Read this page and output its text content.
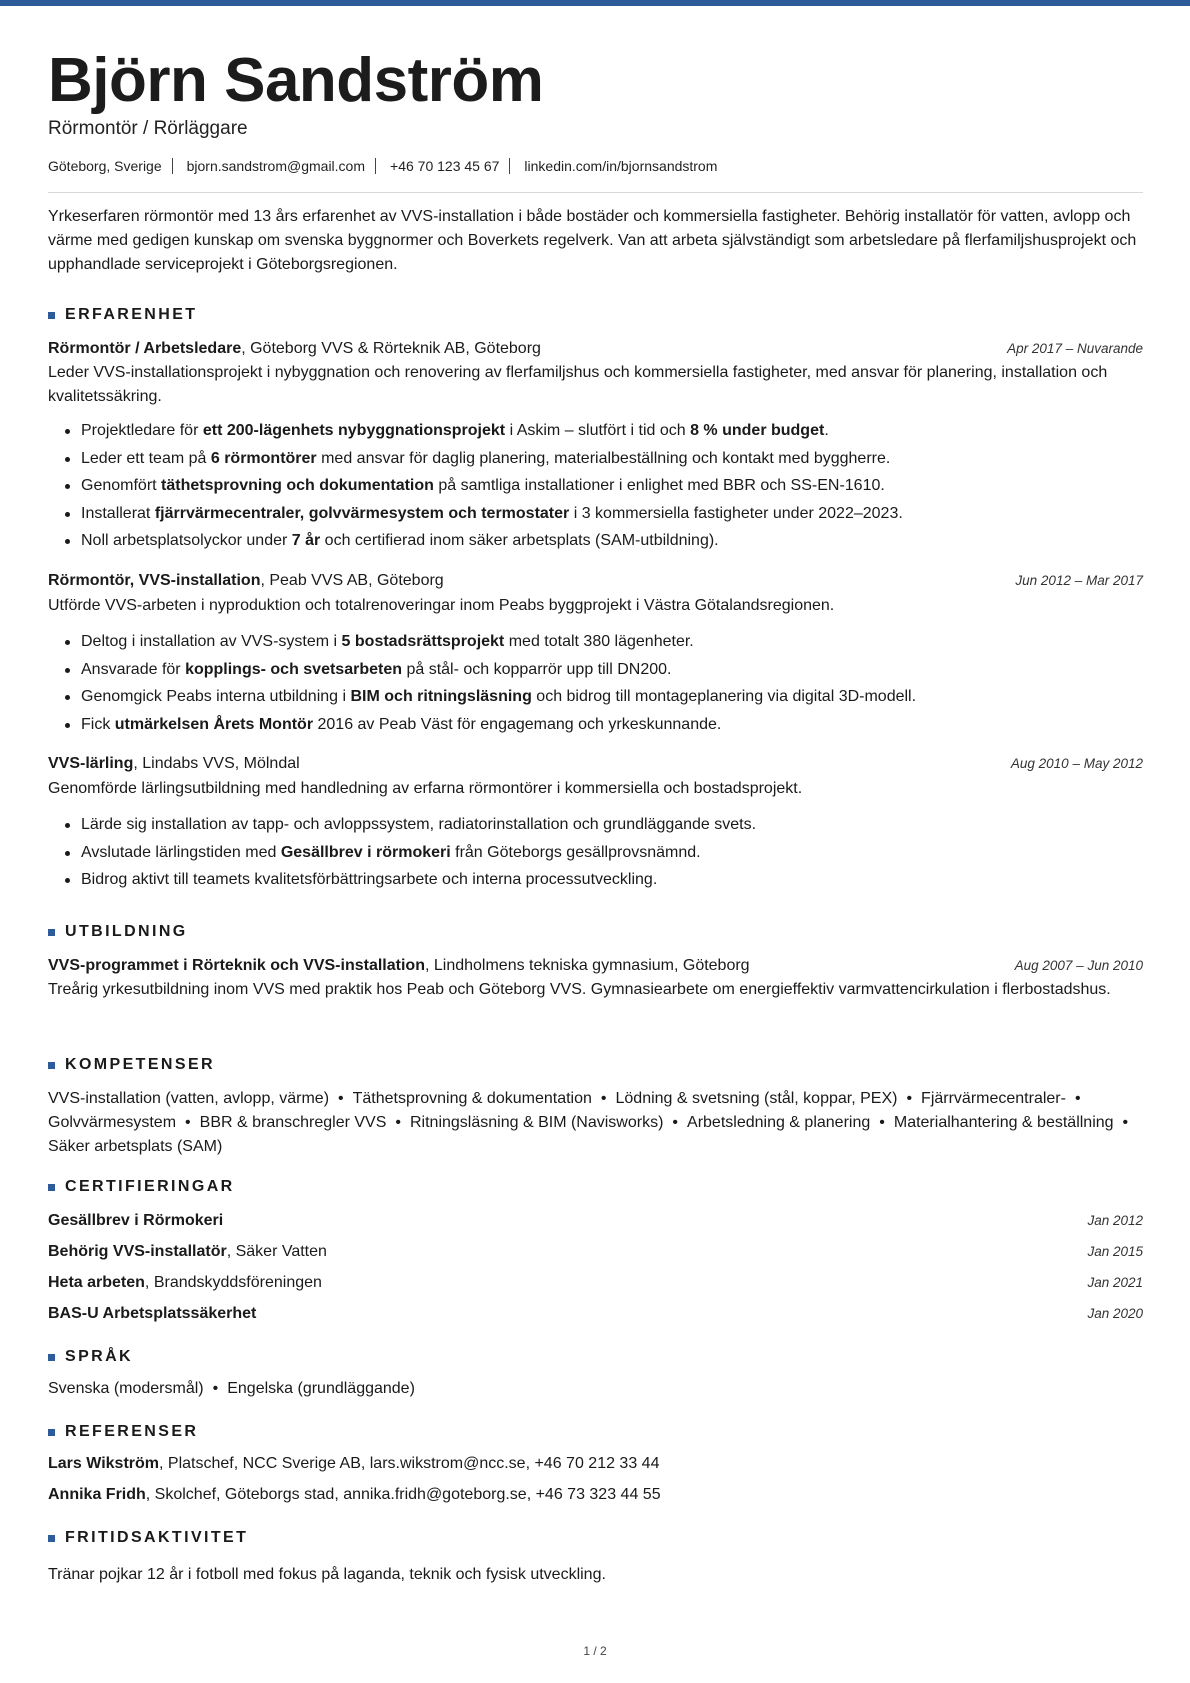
Björn Sandström
Rörmontör / Rörläggare
Göteborg, Sverige bjorn.sandstrom@gmail.com +46 70 123 45 67 linkedin.com/in/bjornsandstrom
Yrkeserfaren rörmontör med 13 års erfarenhet av VVS-installation i både bostäder och kommersiella fastigheter. Behörig installatör för vatten, avlopp och värme med gedigen kunskap om svenska byggnormer och Boverkets regelverk. Van att arbeta självständigt som arbetsledare på flerfamiljshusprojekt och upphandlade serviceprojekt i Göteborgsregionen.
ERFARENHET
Rörmontör / Arbetsledare, Göteborg VVS & Rörteknik AB, Göteborg	Apr 2017 – Nuvarande
Leder VVS-installationsprojekt i nybyggnation och renovering av flerfamiljshus och kommersiella fastigheter, med ansvar för planering, installation och kvalitetssäkring.
Projektledare för ett 200-lägenhets nybyggnationsprojekt i Askim – slutfört i tid och 8 % under budget.
Leder ett team på 6 rörmontörer med ansvar för daglig planering, materialbeställning och kontakt med byggherre.
Genomfört täthetsprovning och dokumentation på samtliga installationer i enlighet med BBR och SS-EN-1610.
Installerat fjärrvärmecentraler, golvvärmesystem och termostater i 3 kommersiella fastigheter under 2022–2023.
Noll arbetsplatsolyckor under 7 år och certifierad inom säker arbetsplats (SAM-utbildning).
Rörmontör, VVS-installation, Peab VVS AB, Göteborg	Jun 2012 – Mar 2017
Utförde VVS-arbeten i nyproduktion och totalrenoveringar inom Peabs byggprojekt i Västra Götalandsregionen.
Deltog i installation av VVS-system i 5 bostadsrättsprojekt med totalt 380 lägenheter.
Ansvarade för kopplings- och svetsarbeten på stål- och kopparrör upp till DN200.
Genomgick Peabs interna utbildning i BIM och ritningsläsning och bidrog till montageplanering via digital 3D-modell.
Fick utmärkelsen Årets Montör 2016 av Peab Väst för engagemang och yrkeskunnande.
VVS-lärling, Lindabs VVS, Mölndal	Aug 2010 – May 2012
Genomförde lärlingsutbildning med handledning av erfarna rörmontörer i kommersiella och bostadsprojekt.
Lärde sig installation av tapp- och avloppssystem, radiatorinstallation och grundläggande svets.
Avslutade lärlingstiden med Gesällbrev i rörmokeri från Göteborgs gesällprovsnämnd.
Bidrog aktivt till teamets kvalitetsförbättringsarbete och interna processutveckling.
UTBILDNING
VVS-programmet i Rörteknik och VVS-installation, Lindholmens tekniska gymnasium, Göteborg	Aug 2007 – Jun 2010
Treårig yrkesutbildning inom VVS med praktik hos Peab och Göteborg VVS. Gymnasiearbete om energieffektiv varmvattencirkulation i flerbostadshus.
KOMPETENSER
VVS-installation (vatten, avlopp, värme) • Täthetsprovning & dokumentation • Lödning & svetsning (stål, koppar, PEX) • Fjärrvärmecentraler- •Golvvärmesystem • BBR & branschregler VVS • Ritningsläsning & BIM (Navisworks) • Arbetsledning & planering • Materialhantering & beställning •Säker arbetsplats (SAM)
CERTIFIERINGAR
Gesällbrev i Rörmokeri	Jan 2012
Behörig VVS-installatör, Säker Vatten	Jan 2015
Heta arbeten, Brandskyddsföreningen	Jan 2021
BAS-U Arbetsplatssäkerhet	Jan 2020
SPRÅK
Svenska (modersmål) • Engelska (grundläggande)
REFERENSER
Lars Wikström, Platschef, NCC Sverige AB, lars.wikstrom@ncc.se, +46 70 212 33 44
Annika Fridh, Skolchef, Göteborgs stad, annika.fridh@goteborg.se, +46 73 323 44 55
FRITIDSAKTIVITET
Tränar pojkar 12 år i fotboll med fokus på laganda, teknik och fysisk utveckling.
1 / 2
